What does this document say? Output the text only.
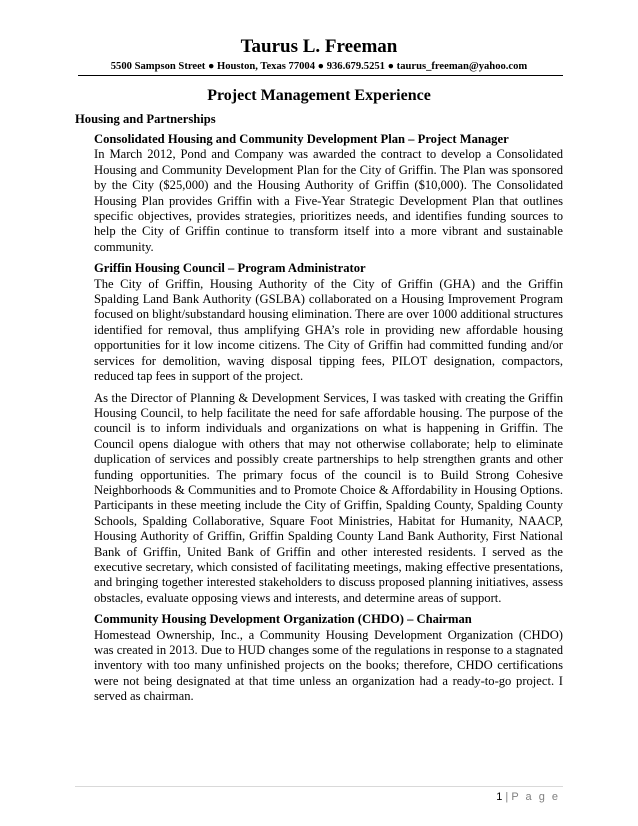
Taurus L. Freeman
5500 Sampson Street ● Houston, Texas 77004 ● 936.679.5251 ● taurus_freeman@yahoo.com
Project Management Experience
Housing and Partnerships
Consolidated Housing and Community Development Plan – Project Manager

In March 2012, Pond and Company was awarded the contract to develop a Consolidated Housing and Community Development Plan for the City of Griffin. The Plan was sponsored by the City ($25,000) and the Housing Authority of Griffin ($10,000). The Consolidated Housing Plan provides Griffin with a Five-Year Strategic Development Plan that outlines specific objectives, provides strategies, prioritizes needs, and identifies funding sources to help the City of Griffin continue to transform itself into a more vibrant and sustainable community.

Griffin Housing Council – Program Administrator

The City of Griffin, Housing Authority of the City of Griffin (GHA) and the Griffin Spalding Land Bank Authority (GSLBA) collaborated on a Housing Improvement Program focused on blight/substandard housing elimination. There are over 1000 additional structures identified for removal, thus amplifying GHA’s role in providing new affordable housing opportunities for it low income citizens. The City of Griffin had committed funding and/or services for demolition, waving disposal tipping fees, PILOT designation, compactors, reduced tap fees in support of the project.

As the Director of Planning & Development Services, I was tasked with creating the Griffin Housing Council, to help facilitate the need for safe affordable housing. The purpose of the council is to inform individuals and organizations on what is happening in Griffin. The Council opens dialogue with others that may not otherwise collaborate; help to eliminate duplication of services and possibly create partnerships to help strengthen grants and other funding opportunities. The primary focus of the council is to Build Strong Cohesive Neighborhoods & Communities and to Promote Choice & Affordability in Housing Options. Participants in these meeting include the City of Griffin, Spalding County, Spalding County Schools, Spalding Collaborative, Square Foot Ministries, Habitat for Humanity, NAACP, Housing Authority of Griffin, Griffin Spalding County Land Bank Authority, First National Bank of Griffin, United Bank of Griffin and other interested residents. I served as the executive secretary, which consisted of facilitating meetings, making effective presentations, and bringing together interested stakeholders to discuss proposed planning initiatives, assess obstacles, evaluate opposing views and interests, and determine areas of support.

Community Housing Development Organization (CHDO) – Chairman

Homestead Ownership, Inc., a Community Housing Development Organization (CHDO) was created in 2013. Due to HUD changes some of the regulations in response to a stagnated inventory with too many unfinished projects on the books; therefore, CHDO certifications were not being designated at that time unless an organization had a ready-to-go project. I served as chairman.

1 | P a g e
